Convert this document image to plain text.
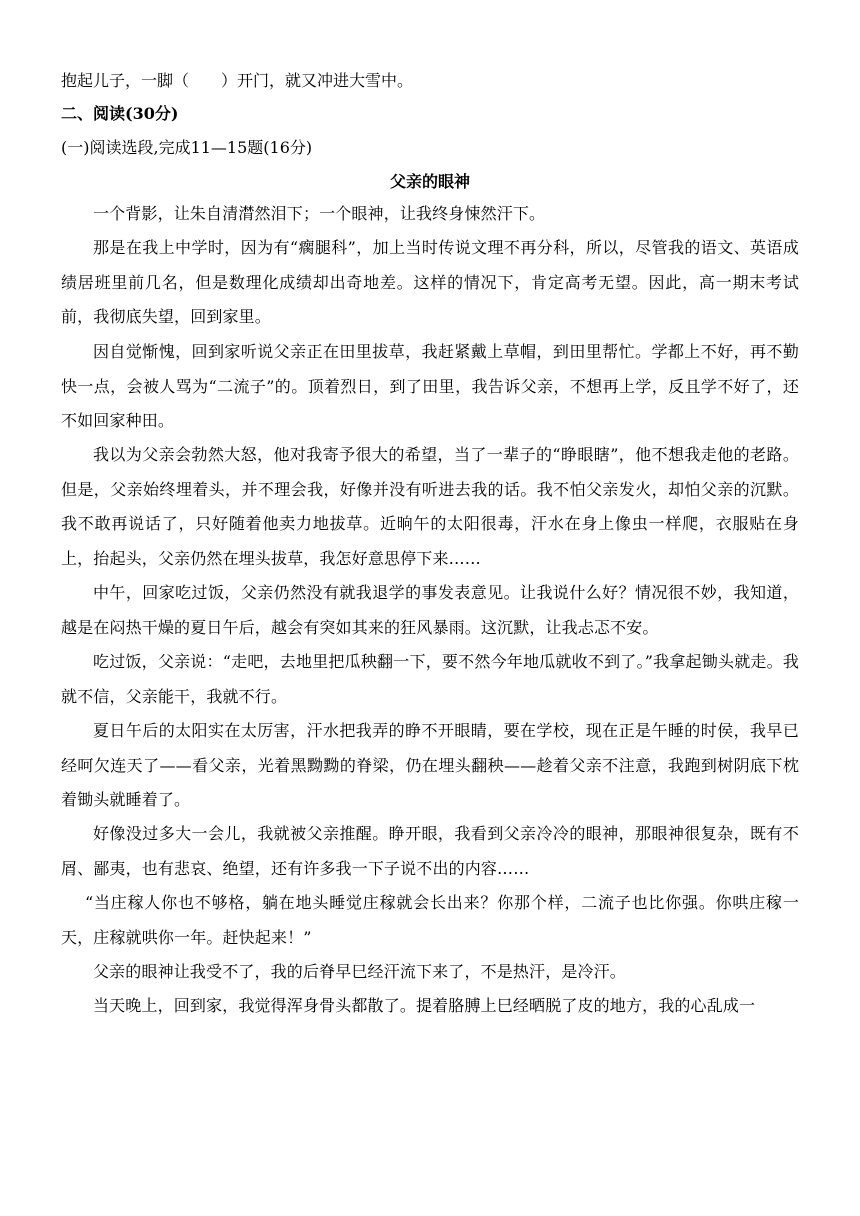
抱起儿子，一脚（　　）开门，就又冲进大雪中。
二、阅读(30分)
(一)阅读选段,完成11—15题(16分)
父亲的眼神

一个背影，让朱自清潸然泪下；一个眼神，让我终身悚然汗下。

那是在我上中学时，因为有“瘸腿科”，加上当时传说文理不再分科，所以，尽管我的语文、英语成绩居班里前几名，但是数理化成绩却出奇地差。这样的情况下，肯定高考无望。因此，高一期末考试前，我彻底失望，回到家里。

因自觉惭愧，回到家听说父亲正在田里拔草，我赶紧戴上草帽，到田里帮忙。学都上不好，再不勤快一点，会被人骂为“二流子”的。顶着烈日，到了田里，我告诉父亲，不想再上学，反且学不好了，还不如回家种田。

我以为父亲会勃然大怒，他对我寄予很大的希望，当了一辈子的“睁眼瞎”，他不想我走他的老路。但是，父亲始终埋着头，并不理会我，好像并没有听进去我的话。我不怕父亲发火，却怕父亲的沉默。我不敢再说话了，只好随着他卖力地拔草。近晌午的太阳很毒，汗水在身上像虫一样爬，衣服贴在身上，抬起头，父亲仍然在埋头拔草，我怎好意思停下来……

中午，回家吃过饭，父亲仍然没有就我退学的事发表意见。让我说什么好？情况很不妙，我知道，越是在闷热干燥的夏日午后，越会有突如其来的狂风暴雨。这沉默，让我忐忑不安。

吃过饭，父亲说：“走吧，去地里把瓜秧翻一下，要不然今年地瓜就收不到了。”我拿起锄头就走。我就不信，父亲能干，我就不行。

夏日午后的太阳实在太厉害，汗水把我弄的睁不开眼睛，要在学校，现在正是午睡的时侯，我早已经呵欠连天了——看父亲，光着黑黝黝的脊梁，仍在埋头翻秧——趁着父亲不注意，我跑到树阴底下枕着锄头就睡着了。

好像没过多大一会儿，我就被父亲推醒。睁开眼，我看到父亲冷冷的眼神，那眼神很复杂，既有不屑、鄙夷，也有悲哀、绝望，还有许多我一下子说不出的内容……

“当庄稼人你也不够格，躺在地头睡觉庄稼就会长出来？你那个样，二流子也比你强。你哄庄稼一天，庄稼就哄你一年。赶快起来！”

父亲的眼神让我受不了，我的后脊早巳经汗流下来了，不是热汗，是冷汗。

当天晚上，回到家，我觉得浑身骨头都散了。提着胳膊上巳经晒脱了皮的地方，我的心乱成一
